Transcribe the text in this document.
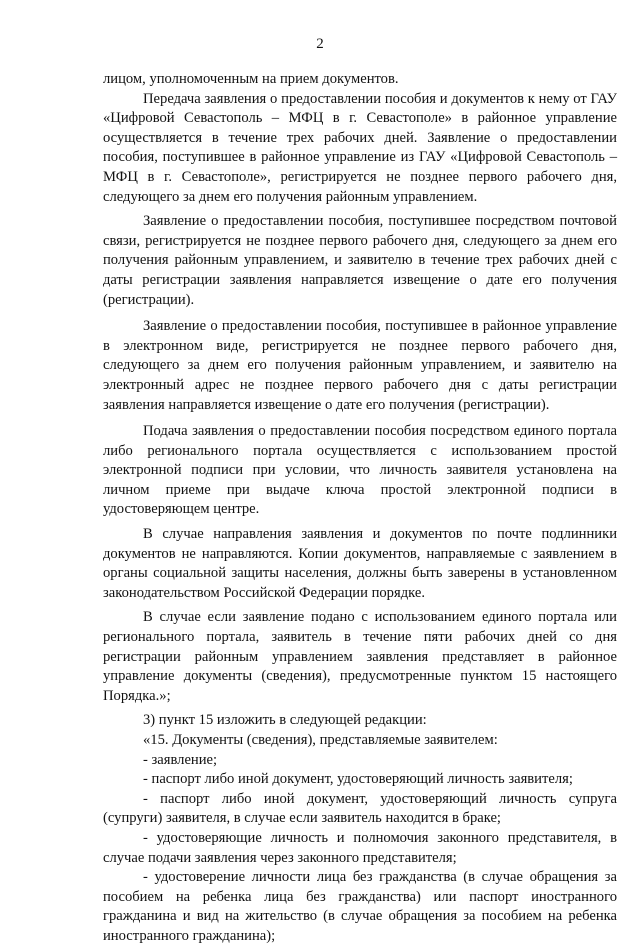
2

лицом, уполномоченным на прием документов.

Передача заявления о предоставлении пособия и документов к нему от ГАУ «Цифровой Севастополь – МФЦ в г. Севастополе» в районное управление осуществляется в течение трех рабочих дней. Заявление о предоставлении пособия, поступившее в районное управление из ГАУ «Цифровой Севастополь – МФЦ в г. Севастополе», регистрируется не позднее первого рабочего дня, следующего за днем его получения районным управлением.

Заявление о предоставлении пособия, поступившее посредством почтовой связи, регистрируется не позднее первого рабочего дня, следующего за днем его получения районным управлением, и заявителю в течение трех рабочих дней с даты регистрации заявления направляется извещение о дате его получения (регистрации).

Заявление о предоставлении пособия, поступившее в районное управление в электронном виде, регистрируется не позднее первого рабочего дня, следующего за днем его получения районным управлением, и заявителю на электронный адрес не позднее первого рабочего дня с даты регистрации заявления направляется извещение о дате его получения (регистрации).

Подача заявления о предоставлении пособия посредством единого портала либо регионального портала осуществляется с использованием простой электронной подписи при условии, что личность заявителя установлена на личном приеме при выдаче ключа простой электронной подписи в удостоверяющем центре.

В случае направления заявления и документов по почте подлинники документов не направляются. Копии документов, направляемые с заявлением в органы социальной защиты населения, должны быть заверены в установленном законодательством Российской Федерации порядке.

В случае если заявление подано с использованием единого портала или регионального портала, заявитель в течение пяти рабочих дней со дня регистрации районным управлением заявления представляет в районное управление документы (сведения), предусмотренные пунктом 15 настоящего Порядка.»;

3) пункт 15 изложить в следующей редакции:

«15. Документы (сведения), представляемые заявителем:

- заявление;

- паспорт либо иной документ, удостоверяющий личность заявителя;

- паспорт либо иной документ, удостоверяющий личность супруга (супруги) заявителя, в случае если заявитель находится в браке;

- удостоверяющие личность и полномочия законного представителя, в случае подачи заявления через законного представителя;

- удостоверение личности лица без гражданства (в случае обращения за пособием на ребенка лица без гражданства) или паспорт иностранного гражданина и вид на жительство (в случае обращения за пособием на ребенка иностранного гражданина);
